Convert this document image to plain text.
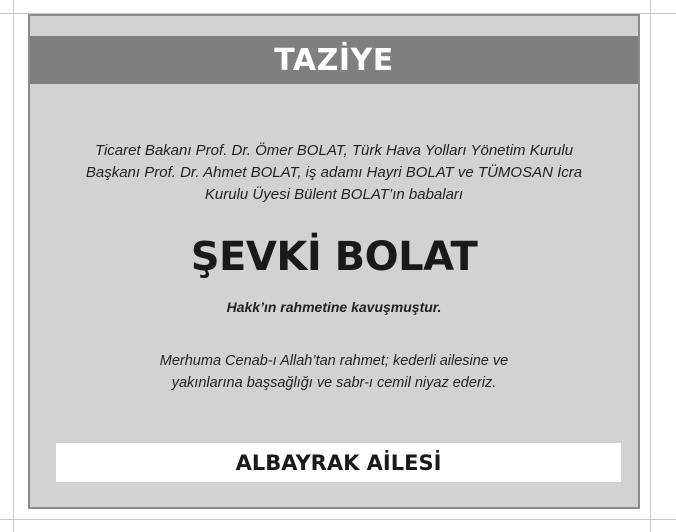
TAZİYE
Ticaret Bakanı Prof. Dr. Ömer BOLAT, Türk Hava Yolları Yönetim Kurulu
Başkanı Prof. Dr. Ahmet BOLAT, iş adamı Hayri BOLAT ve TÜMOSAN İcra
Kurulu Üyesi Bülent BOLAT’ın babaları
ŞEVKİ BOLAT
Hakk’ın rahmetine kavuşmuştur.
Merhuma Cenab-ı Allah’tan rahmet; kederli ailesine ve
yakınlarına başsağlığı ve sabr-ı cemil niyaz ederiz.
ALBAYRAK AİLESİ
